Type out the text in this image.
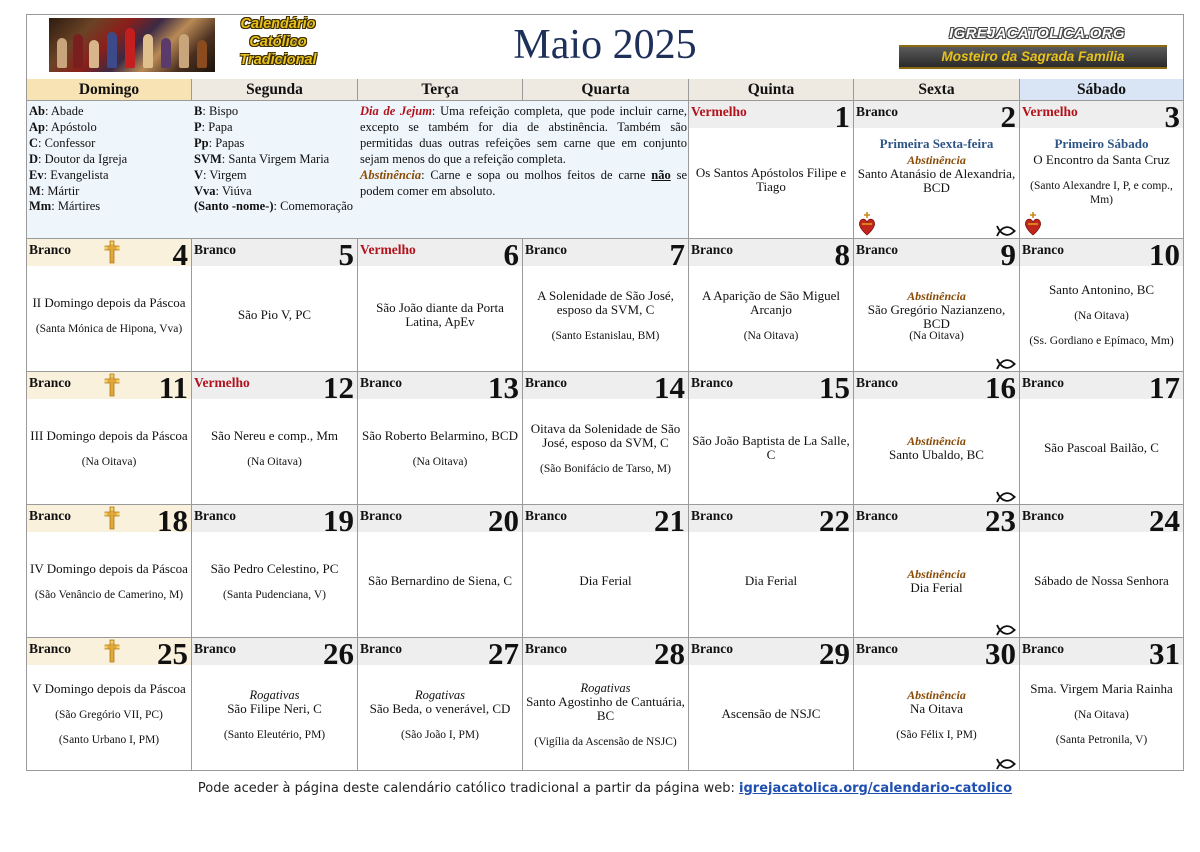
Calendário
Católico
Tradicional	Maio 2025	IGREJACATOLICA.ORG
Mosteiro da Sagrada Família
Domingo	Segunda	Terça	Quarta	Quinta	Sexta	Sábado
Ab: Abade
Ap: Apóstolo
C: Confessor
D: Doutor da Igreja
Ev: Evangelista
M: Mártir
Mm: Mártires
B: Bispo
P: Papa
Pp: Papas
SVM: Santa Virgem Maria
V: Virgem
Vva: Viúva
(Santo -nome-): Comemoração
Dia de Jejum: Uma refeição completa, que pode incluir carne, excepto se também for dia de abstinência. Também são permitidas duas outras refeições sem carne que em conjunto sejam menos do que a refeição completa.
Abstinência: Carne e sopa ou molhos feitos de carne não se podem comer em absoluto.
Vermelho	1
Os Santos Apóstolos Filipe e Tiago
Branco	2
Primeira Sexta-feira
Abstinência
Santo Atanásio de Alexandria, BCD
Vermelho	3
Primeiro Sábado
O Encontro da Santa Cruz
(Santo Alexandre I, P, e comp., Mm)
Branco	4
II Domingo depois da Páscoa
(Santa Mónica de Hipona, Vva)
Branco	5
São Pio V, PC
Vermelho	6
São João diante da Porta Latina, ApEv
Branco	7
A Solenidade de São José, esposo da SVM, C
(Santo Estanislau, BM)
Branco	8
A Aparição de São Miguel Arcanjo
(Na Oitava)
Branco	9
Abstinência
São Gregório Nazianzeno, BCD
(Na Oitava)
Branco	10
Santo Antonino, BC
(Na Oitava)
(Ss. Gordiano e Epímaco, Mm)
Branco	11
III Domingo depois da Páscoa
(Na Oitava)
Vermelho 12
São Nereu e comp., Mm
(Na Oitava)
Branco	13
São Roberto Belarmino, BCD
(Na Oitava)
Branco	14
Oitava da Solenidade de São José, esposo da SVM, C
(São Bonifácio de Tarso, M)
Branco	15
São João Baptista de La Salle, C
Branco	16
Abstinência
Santo Ubaldo, BC
Branco	17
São Pascoal Bailão, C
Branco	18
IV Domingo depois da Páscoa
(São Venâncio de Camerino, M)
Branco	19
São Pedro Celestino, PC
(Santa Pudenciana, V)
Branco	20
São Bernardino de Siena, C
Branco	21
Dia Ferial
Branco	22
Dia Ferial
Branco	23
Abstinência
Dia Ferial
Branco	24
Sábado de Nossa Senhora
Branco	25
V Domingo depois da Páscoa
(São Gregório VII, PC)
(Santo Urbano I, PM)
Branco	26
Rogativas
São Filipe Neri, C
(Santo Eleutério, PM)
Branco	27
Rogativas
São Beda, o venerável, CD
(São João I, PM)
Branco	28
Rogativas
Santo Agostinho de Cantuária, BC
(Vigília da Ascensão de NSJC)
Branco	29
Ascensão de NSJC
Branco	30
Abstinência
Na Oitava
(São Félix I, PM)
Branco	31
Sma. Virgem Maria Rainha
(Na Oitava)
(Santa Petronila, V)
Pode aceder à página deste calendário católico tradicional a partir da página web: igrejacatolica.org/calendario-catolico
